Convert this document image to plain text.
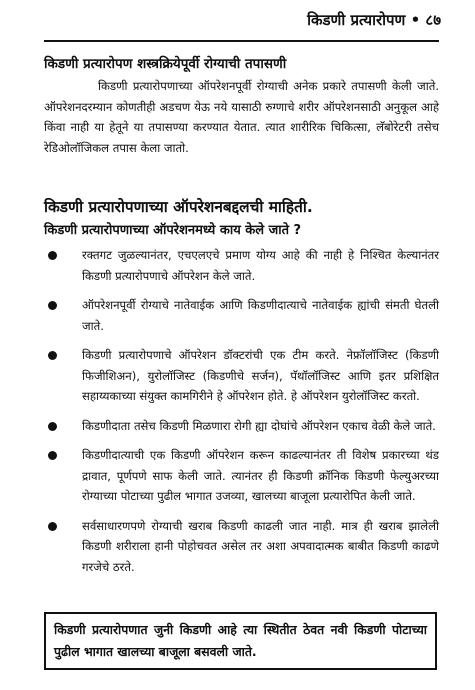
किडणी प्रत्यारोपण • ८७
किडणी प्रत्यारोपण शस्त्रक्रियेपूर्वी रोग्याची तपासणी

किडणी प्रत्यारोपणाच्या ऑपरेशनपूर्वी रोग्याची अनेक प्रकारे तपासणी केली जाते. ऑपरेशनदरम्यान कोणतीही अडचण येऊ नये यासाठी रुग्णाचे शरीर ऑपरेशनसाठी अनुकूल आहे किंवा नाही या हेतूने या तपासण्या करण्यात येतात. त्यात शारीरिक चिकित्सा, लॅबोरेटरी तसेच रेडिओलॉजिकल तपास केला जातो.

किडणी प्रत्यारोपणाच्या ऑपरेशनबद्दलची माहिती.
किडणी प्रत्यारोपणाच्या ऑपरेशनमध्ये काय केले जाते ?
रक्तगट जुळल्यानंतर, एचएलएचे प्रमाण योग्य आहे की नाही हे निश्चित केल्यानंतर किडणी प्रत्यारोपणाचे ऑपरेशन केले जाते.
ऑपरेशनपूर्वी रोग्याचे नातेवाईक आणि किडणीदात्याचे नातेवाईक ह्यांची संमती घेतली जाते.
किडणी प्रत्यारोपणाचे ऑपरेशन डॉक्टरांची एक टीम करते. नेफ्रॉलॉजिस्ट (किडणी फिजीशिअन), युरोलॉजिस्ट (किडणीचे सर्जन), पॅथॉलॉजिस्ट आणि इतर प्रशिक्षित सहाय्यकाच्या संयुक्त कामगिरीने हे ऑपरेशन होते. हे ऑपरेशन युरोलॉजिस्ट करतो.
किडणीदाता तसेच किडणी मिळणारा रोगी ह्या दोघांचे ऑपरेशन एकाच वेळी केले जाते.
किडणीदात्याची एक किडणी ऑपरेशन करून काढल्यानंतर ती विशेष प्रकारच्या थंड द्रावात, पूर्णपणे साफ केली जाते. त्यानंतर ही किडणी क्रॉनिक किडणी फेल्युअरच्या रोग्याच्या पोटाच्या पुढील भागात उजव्या, खालच्या बाजूला प्रत्यारोपित केली जाते.
सर्वसाधारणपणे रोग्याची खराब किडणी काढली जात नाही. मात्र ही खराब झालेली किडणी शरीराला हानी पोहोचवत असेल तर अशा अपवादात्मक बाबीत किडणी काढणे गरजेचे ठरते.
किडणी प्रत्यारोपणात जुनी किडणी आहे त्या स्थितीत ठेवत नवी किडणी पोटाच्या पुढील भागात खालच्या बाजूला बसवली जाते.
